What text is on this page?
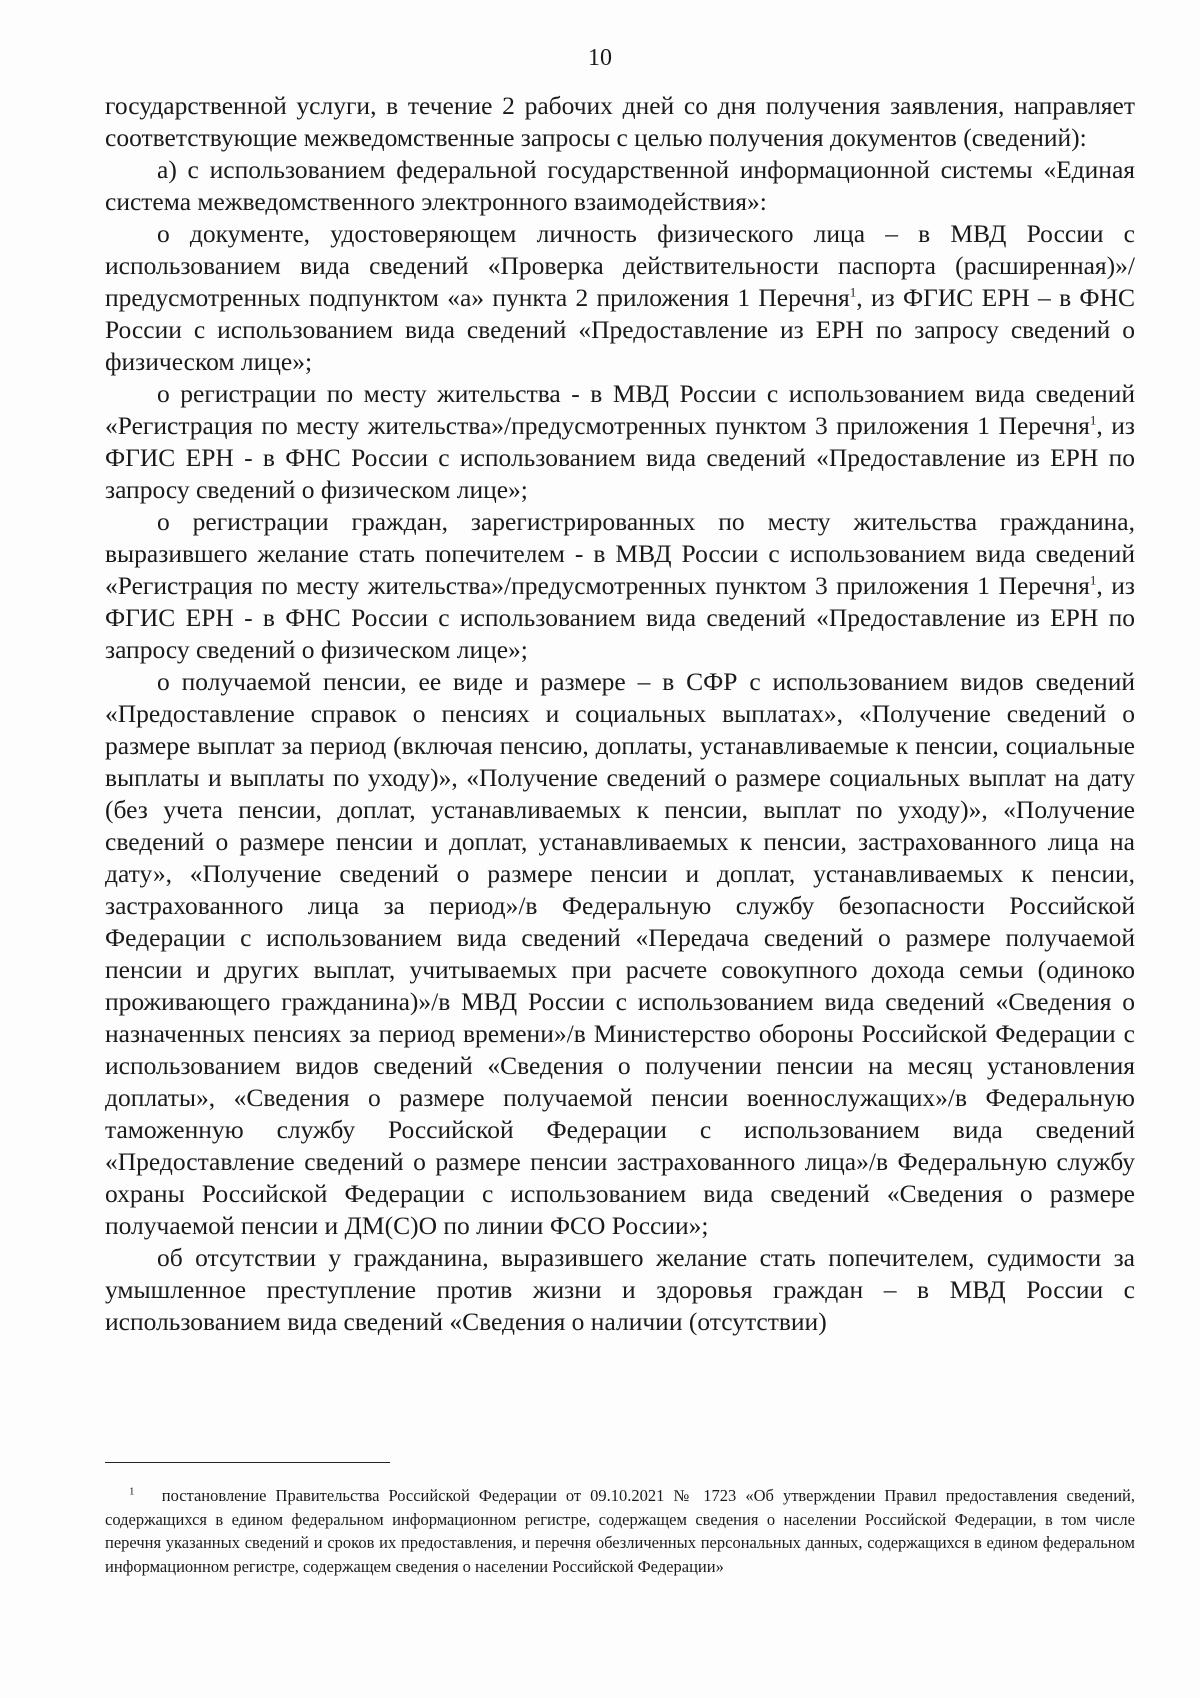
10

государственной услуги, в течение 2 рабочих дней со дня получения заявления, направляет соответствующие межведомственные запросы с целью получения документов (сведений):

а) с использованием федеральной государственной информационной системы «Единая система межведомственного электронного взаимодействия»:

о документе, удостоверяющем личность физического лица – в МВД России с использованием вида сведений «Проверка действительности паспорта (расширенная)»/предусмотренных подпунктом «а» пункта 2 приложения 1 Перечня$^1$, из ФГИС ЕРН – в ФНС России с использованием вида сведений «Предоставление из ЕРН по запросу сведений о физическом лице»;

о регистрации по месту жительства - в МВД России с использованием вида сведений «Регистрация по месту жительства»/предусмотренных пунктом 3 приложения 1 Перечня$^1$, из ФГИС ЕРН - в ФНС России с использованием вида сведений «Предоставление из ЕРН по запросу сведений о физическом лице»;

о регистрации граждан, зарегистрированных по месту жительства гражданина, выразившего желание стать попечителем - в МВД России с использованием вида сведений «Регистрация по месту жительства»/предусмотренных пунктом 3 приложения 1 Перечня$^1$, из ФГИС ЕРН - в ФНС России с использованием вида сведений «Предоставление из ЕРН по запросу сведений о физическом лице»;

о получаемой пенсии, ее виде и размере – в СФР с использованием видов сведений «Предоставление справок о пенсиях и социальных выплатах», «Получение сведений о размере выплат за период (включая пенсию, доплаты, устанавливаемые к пенсии, социальные выплаты и выплаты по уходу)», «Получение сведений о размере социальных выплат на дату (без учета пенсии, доплат, устанавливаемых к пенсии, выплат по уходу)», «Получение сведений о размере пенсии и доплат, устанавливаемых к пенсии, застрахованного лица на дату», «Получение сведений о размере пенсии и доплат, устанавливаемых к пенсии, застрахованного лица за период»/в Федеральную службу безопасности Российской Федерации с использованием вида сведений «Передача сведений о размере получаемой пенсии и других выплат, учитываемых при расчете совокупного дохода семьи (одиноко проживающего гражданина)»/в МВД России с использованием вида сведений «Сведения о назначенных пенсиях за период времени»/в Министерство обороны Российской Федерации с использованием видов сведений «Сведения о получении пенсии на месяц установления доплаты», «Сведения о размере получаемой пенсии военнослужащих»/в Федеральную таможенную службу Российской Федерации с использованием вида сведений «Предоставление сведений о размере пенсии застрахованного лица»/в Федеральную службу охраны Российской Федерации с использованием вида сведений «Сведения о размере получаемой пенсии и ДМ(С)О по линии ФСО России»;

об отсутствии у гражданина, выразившего желание стать попечителем, судимости за умышленное преступление против жизни и здоровья граждан – в МВД России с использованием вида сведений «Сведения о наличии (отсутствии)

$^1$ постановление Правительства Российской Федерации от 09.10.2021 № 1723 «Об утверждении Правил предоставления сведений, содержащихся в едином федеральном информационном регистре, содержащем сведения о населении Российской Федерации, в том числе перечня указанных сведений и сроков их предоставления, и перечня обезличенных персональных данных, содержащихся в едином федеральном информационном регистре, содержащем сведения о населении Российской Федерации»
